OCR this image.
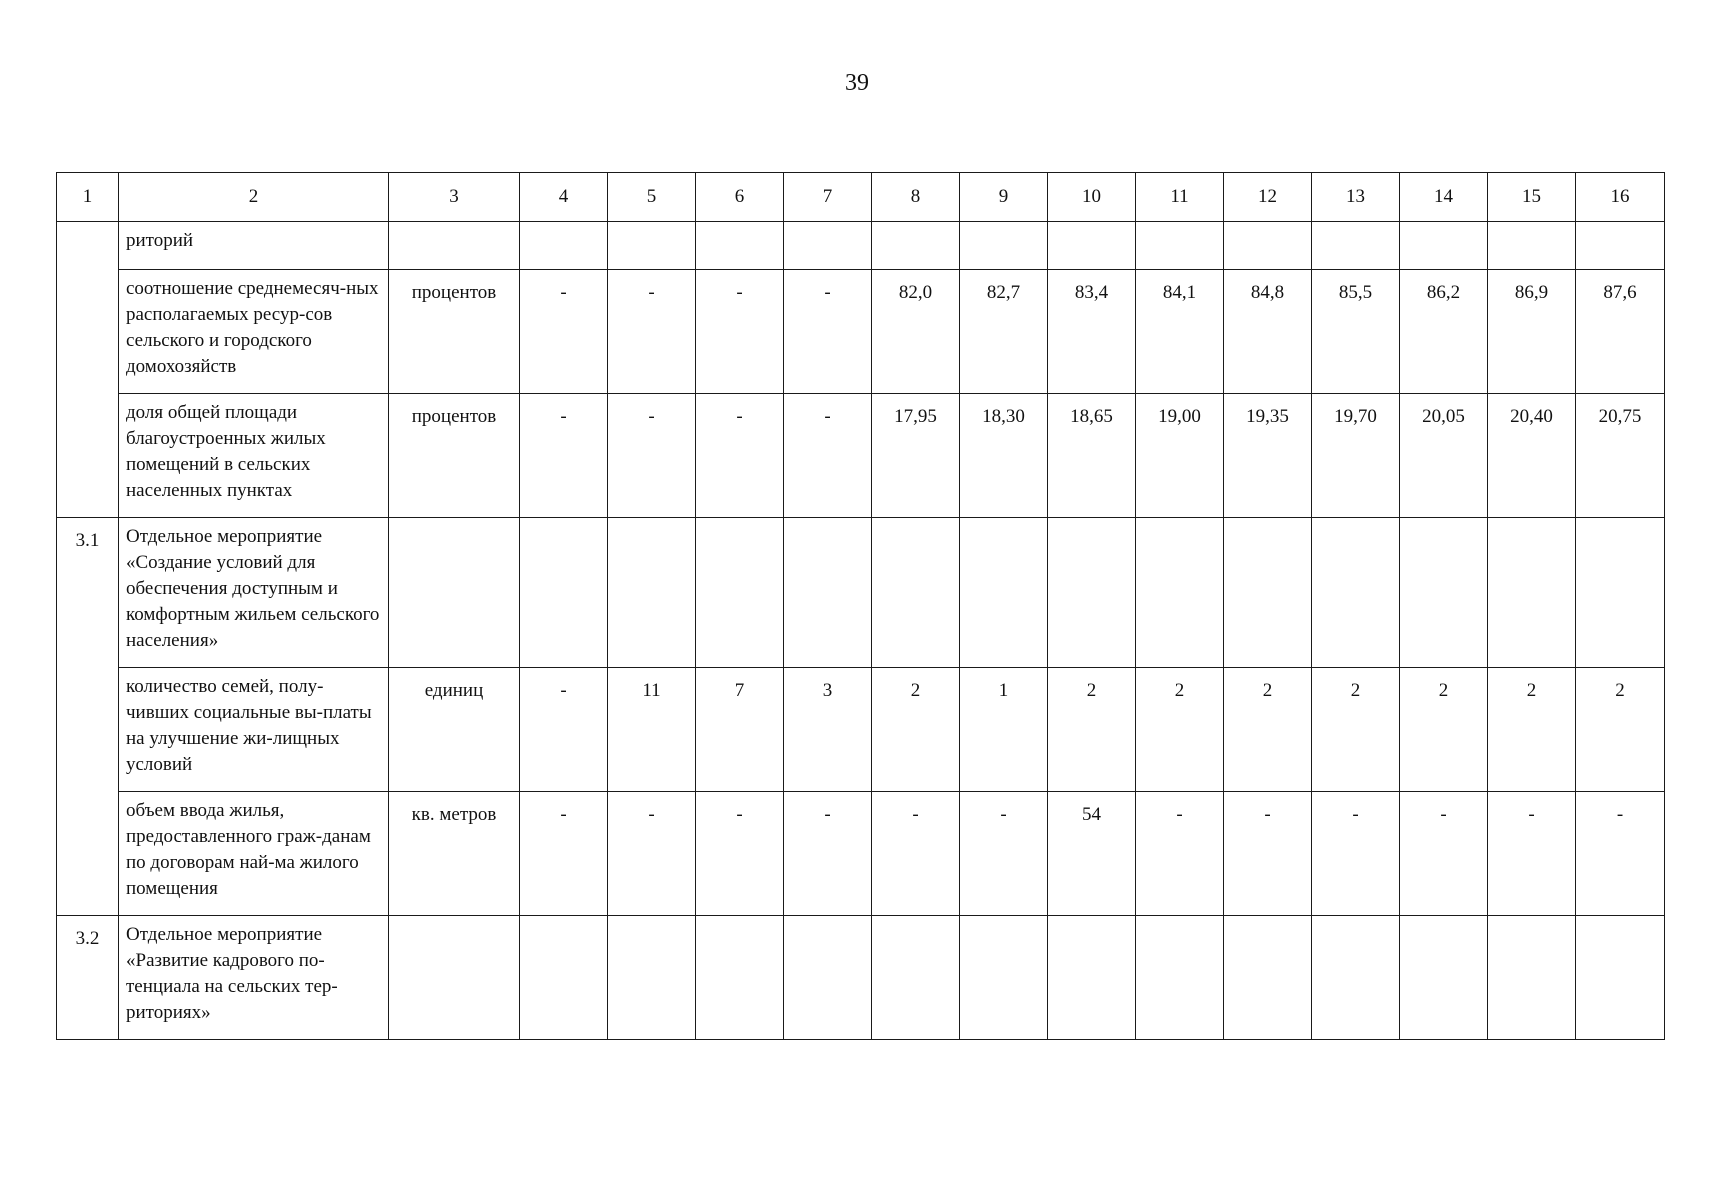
39
1	2	3	4	5	6	7	8	9	10	11	12	13	14	15	16
	риторий														
	соотношение среднемесяч-ных располагаемых ресур-сов сельского и городского домохозяйств	процентов	-	-	-	-	82,0	82,7	83,4	84,1	84,8	85,5	86,2	86,9	87,6
	доля общей площади благоустроенных жилых помещений в сельских населенных пунктах	процентов	-	-	-	-	17,95	18,30	18,65	19,00	19,35	19,70	20,05	20,40	20,75
3.1	Отдельное мероприятие «Создание условий для обеспечения доступным и комфортным жильем сельского населения»														
	количество семей, полу-чивших социальные вы-платы на улучшение жи-лищных условий	единиц	-	11	7	3	2	1	2	2	2	2	2	2	2
	объем ввода жилья, предоставленного граж-данам по договорам най-ма жилого помещения	кв. метров	-	-	-	-	-	-	54	-	-	-	-	-	-
3.2	Отдельное мероприятие «Развитие кадрового по-тенциала на сельских тер-риториях»														
